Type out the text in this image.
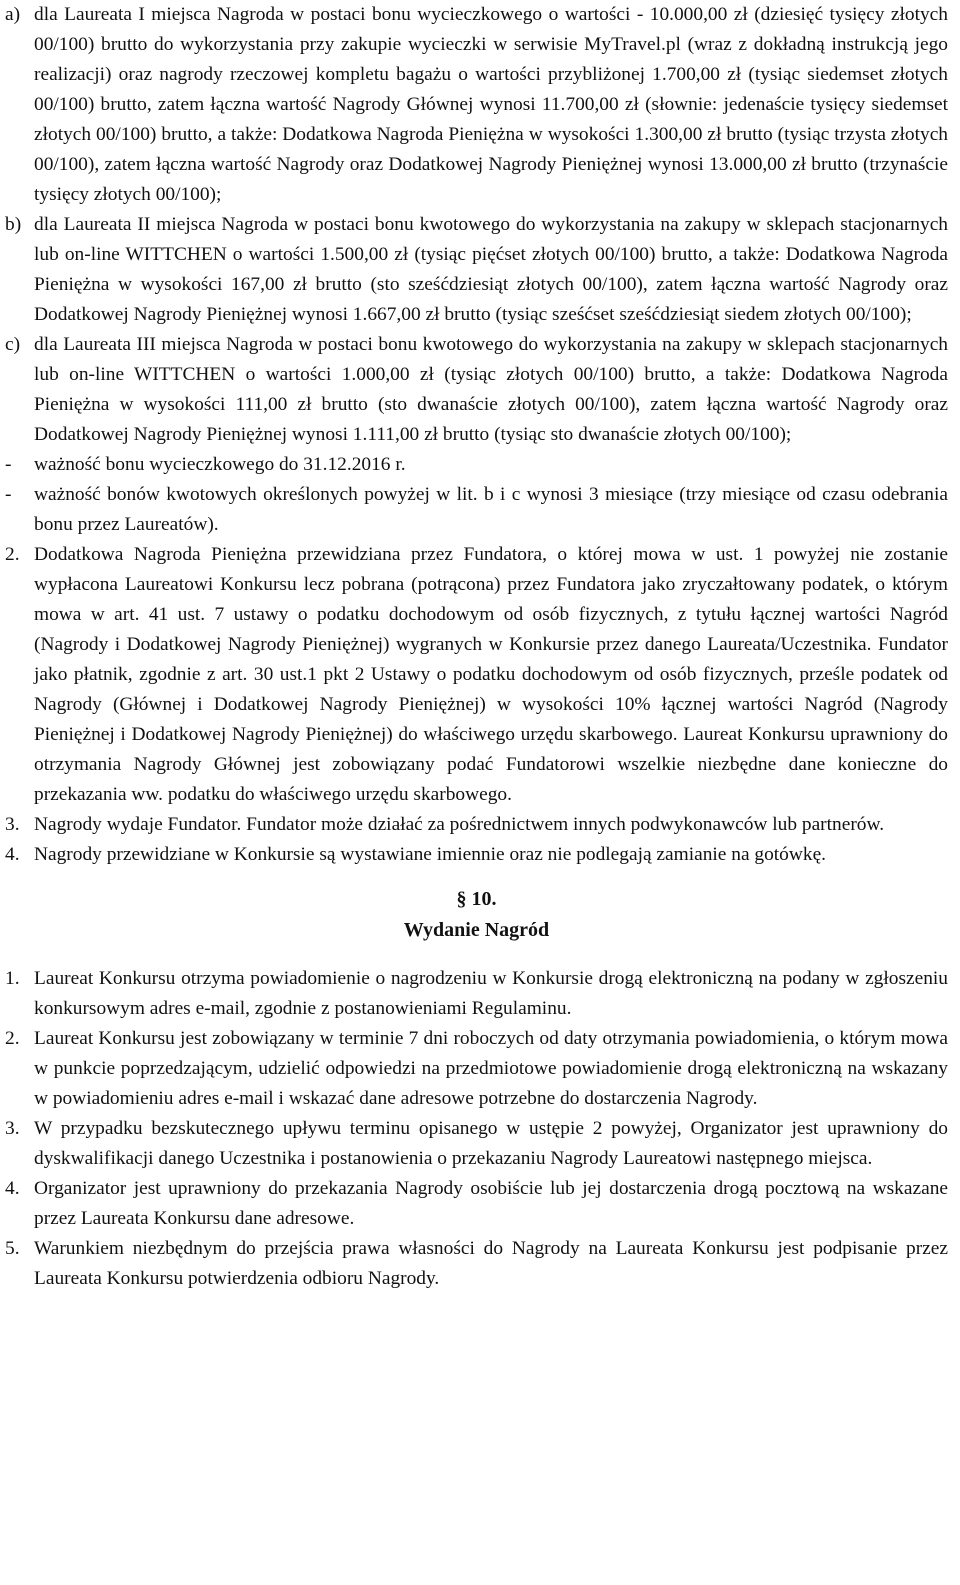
a) dla Laureata I miejsca Nagroda w postaci bonu wycieczkowego o wartości - 10.000,00 zł (dziesięć tysięcy złotych 00/100) brutto do wykorzystania przy zakupie wycieczki w serwisie MyTravel.pl (wraz z dokładną instrukcją jego realizacji) oraz nagrody rzeczowej kompletu bagażu o wartości przybliżonej 1.700,00 zł (tysiąc siedemset złotych 00/100) brutto, zatem łączna wartość Nagrody Głównej wynosi 11.700,00 zł (słownie: jedenaście tysięcy siedemset złotych 00/100) brutto, a także: Dodatkowa Nagroda Pieniężna w wysokości 1.300,00 zł brutto (tysiąc trzysta złotych 00/100), zatem łączna wartość Nagrody oraz Dodatkowej Nagrody Pieniężnej wynosi 13.000,00 zł brutto (trzynaście tysięcy złotych 00/100);
b) dla Laureata II miejsca Nagroda w postaci bonu kwotowego do wykorzystania na zakupy w sklepach stacjonarnych lub on-line WITTCHEN o wartości 1.500,00 zł (tysiąc pięćset złotych 00/100) brutto, a także: Dodatkowa Nagroda Pieniężna w wysokości 167,00 zł brutto (sto sześćdziesiąt złotych 00/100), zatem łączna wartość Nagrody oraz Dodatkowej Nagrody Pieniężnej wynosi 1.667,00 zł brutto (tysiąc sześćset sześćdziesiąt siedem złotych 00/100);
c) dla Laureata III miejsca Nagroda w postaci bonu kwotowego do wykorzystania na zakupy w sklepach stacjonarnych lub on-line WITTCHEN o wartości 1.000,00 zł (tysiąc złotych 00/100) brutto, a także: Dodatkowa Nagroda Pieniężna w wysokości 111,00 zł brutto (sto dwanaście złotych 00/100), zatem łączna wartość Nagrody oraz Dodatkowej Nagrody Pieniężnej wynosi 1.111,00 zł brutto (tysiąc sto dwanaście złotych 00/100);
-	ważność bonu wycieczkowego do 31.12.2016 r.
-	ważność bonów kwotowych określonych powyżej w lit. b i c wynosi 3 miesiące (trzy miesiące od czasu odebrania bonu przez Laureatów).
2. Dodatkowa Nagroda Pieniężna przewidziana przez Fundatora, o której mowa w ust. 1 powyżej nie zostanie wypłacona Laureatowi Konkursu lecz pobrana (potrącona) przez Fundatora jako zryczałtowany podatek, o którym mowa w art. 41 ust. 7 ustawy o podatku dochodowym od osób fizycznych, z tytułu łącznej wartości Nagród (Nagrody i Dodatkowej Nagrody Pieniężnej) wygranych w Konkursie przez danego Laureata/Uczestnika. Fundator jako płatnik, zgodnie z art. 30 ust.1 pkt 2 Ustawy o podatku dochodowym od osób fizycznych, prześle podatek od Nagrody (Głównej i Dodatkowej Nagrody Pieniężnej) w wysokości 10% łącznej wartości Nagród (Nagrody Pieniężnej i Dodatkowej Nagrody Pieniężnej) do właściwego urzędu skarbowego. Laureat Konkursu uprawniony do otrzymania Nagrody Głównej jest zobowiązany podać Fundatorowi wszelkie niezbędne dane konieczne do przekazania ww. podatku do właściwego urzędu skarbowego.
3. Nagrody wydaje Fundator. Fundator może działać za pośrednictwem innych podwykonawców lub partnerów.
4. Nagrody przewidziane w Konkursie są wystawiane imiennie oraz nie podlegają zamianie na gotówkę.
§ 10.
Wydanie Nagród
1. Laureat Konkursu otrzyma powiadomienie o nagrodzeniu w Konkursie drogą elektroniczną na podany w zgłoszeniu konkursowym adres e-mail, zgodnie z postanowieniami Regulaminu.
2. Laureat Konkursu jest zobowiązany w terminie 7 dni roboczych od daty otrzymania powiadomienia, o którym mowa w punkcie poprzedzającym, udzielić odpowiedzi na przedmiotowe powiadomienie drogą elektroniczną na wskazany w powiadomieniu adres e-mail i wskazać dane adresowe potrzebne do dostarczenia Nagrody.
3. W przypadku bezskutecznego upływu terminu opisanego w ustępie 2 powyżej, Organizator jest uprawniony do dyskwalifikacji danego Uczestnika i postanowienia o przekazaniu Nagrody Laureatowi następnego miejsca.
4. Organizator jest uprawniony do przekazania Nagrody osobiście lub jej dostarczenia drogą pocztową na wskazane przez Laureata Konkursu dane adresowe.
5. Warunkiem niezbędnym do przejścia prawa własności do Nagrody na Laureata Konkursu jest podpisanie przez Laureata Konkursu potwierdzenia odbioru Nagrody.
